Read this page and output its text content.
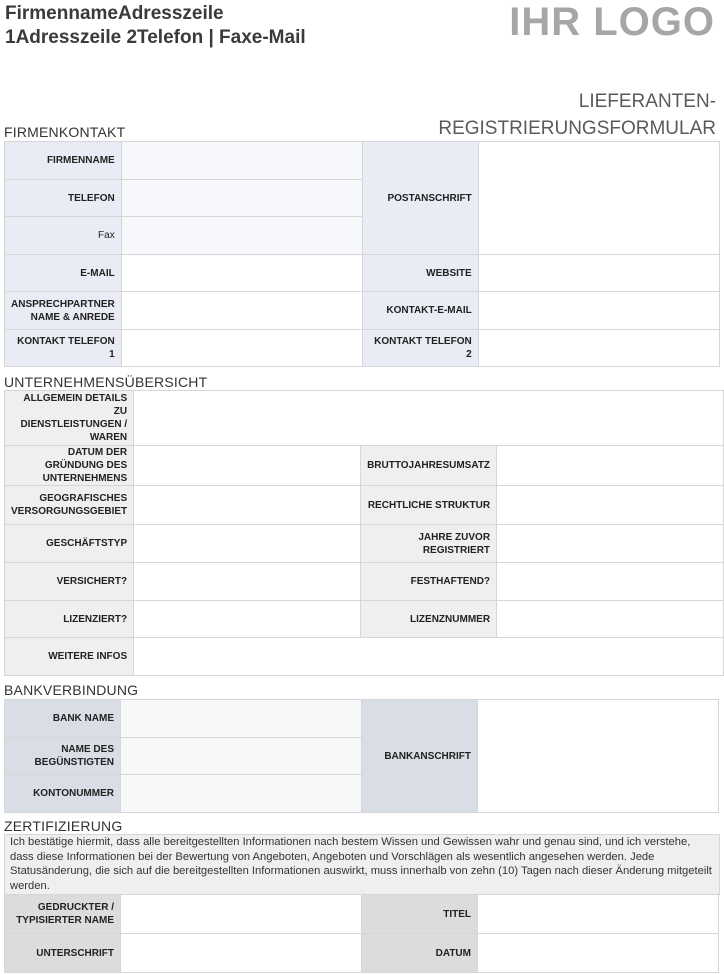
FirmennameAdresszeile
1Adresszeile 2Telefon | Faxe-Mail	IHR LOGO
LIEFERANTEN-
REGISTRIERUNGSFORMULAR
FIRMENKONTAKT
FIRMENNAME		POSTANSCHRIFT	
TELEFON			
Fax			
E-MAIL		WEBSITE	
ANSPRECHPARTNER NAME & ANREDE		KONTAKT-E-MAIL	
KONTAKT TELEFON 1		KONTAKT TELEFON 2	
UNTERNEHMENSÜBERSICHT
ALLGEMEIN DETAILS ZU DIENSTLEISTUNGEN / WAREN			
DATUM DER GRÜNDUNG DES UNTERNEHMENS		BRUTTOJAHRESUMSATZ	
GEOGRAFISCHES VERSORGUNGSGEBIET		RECHTLICHE STRUKTUR	
GESCHÄFTSTYP		JAHRE ZUVOR REGISTRIERT	
VERSICHERT?		FESTHAFTEND?	
LIZENZIERT?		LIZENZNUMMER	
WEITERE INFOS			
BANKVERBINDUNG
BANK NAME		BANKANSCHRIFT	
NAME DES BEGÜNSTIGTEN			
KONTONUMMER			
ZERTIFIZIERUNG
Ich bestätige hiermit, dass alle bereitgestellten Informationen nach bestem Wissen und Gewissen wahr und genau sind, und ich verstehe, dass diese Informationen bei der Bewertung von Angeboten, Angeboten und Vorschlägen als wesentlich angesehen werden. Jede Statusänderung, die sich auf die bereitgestellten Informationen auswirkt, muss innerhalb von zehn (10) Tagen nach dieser Änderung mitgeteilt werden.
GEDRUCKTER / TYPISIERTER NAME		TITEL	
UNTERSCHRIFT		DATUM	
